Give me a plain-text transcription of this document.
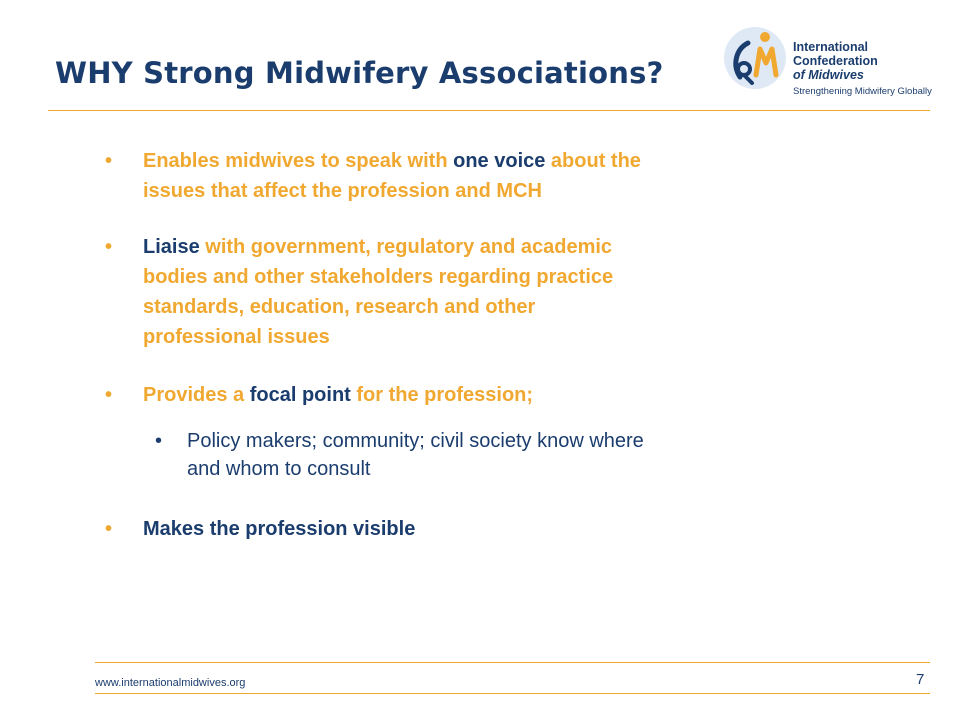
WHY Strong Midwifery Associations?
International
Confederation
of Midwives
Strengthening Midwifery Globally
•	Enables midwives to speak with one voice about the
issues that affect the profession and MCH
•	Liaise with government, regulatory and academic
bodies and other stakeholders regarding practice
standards, education, research and other
professional issues
•	Provides a focal point for the profession;
• Policy makers; community; civil society know where
and whom to consult
•	Makes the profession visible
www.internationalmidwives.org	7
